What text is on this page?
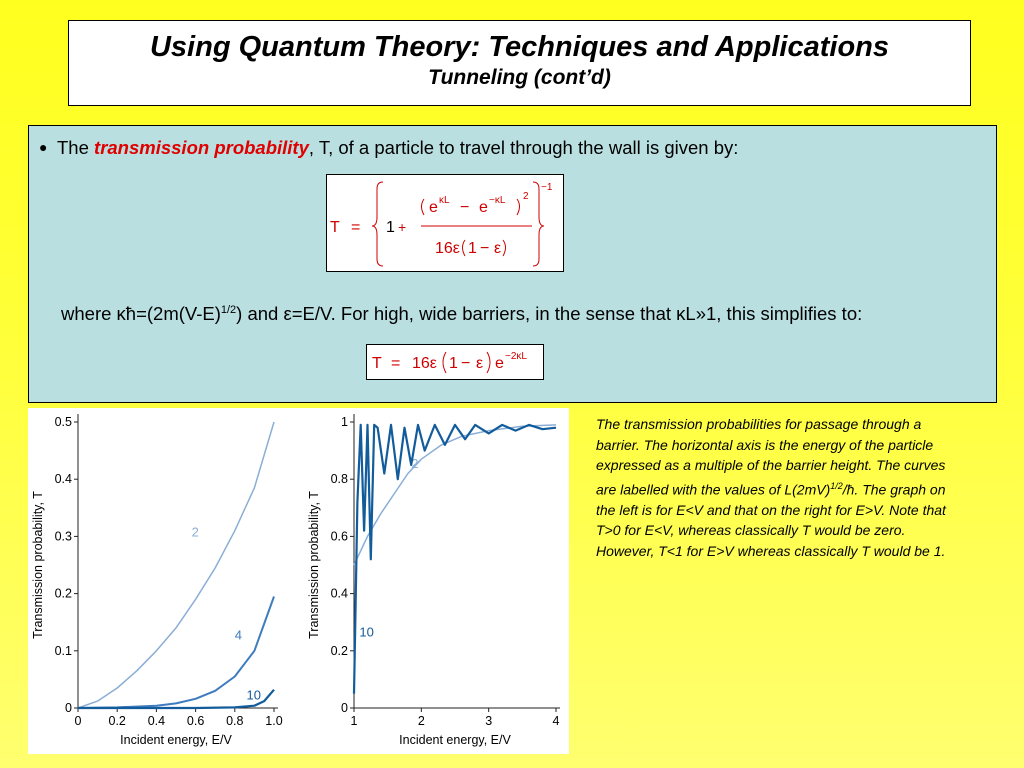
Using Quantum Theory: Techniques and Applications
Tunneling (cont’d)
● The transmission probability, T, of a particle to travel through the wall is given by:
T = 1 +
e κL − e −κL 2
16ε 1 − ε
−1
where $\kappa ħ=(2m(V-E)^{1/2})$ and ε=E/V. For high, wide barriers, in the sense that κL»1, this simplifies to:
T = 16ε 1 − ε e −2κL
0 0.2 0.4 0.6 0.8 1.0
0
0.1
0.2
0.3
0.4
0.5
Incident energy, E/V
Transmission probability, T	2
4
10
1	2	3	4
0
0.2
0.4
0.6
0.8
1
Incident energy, E/V
Transmission probability, T
2
10
The transmission probabilities for passage through a barrier. The horizontal axis is the energy of the particle expressed as a multiple of the barrier height. The curves are labelled with the values of $L(2mV)^{1/2}/ħ$. The graph on the left is for E<V and that on the right for E>V. Note that T>0 for E<V, whereas classically T would be zero. However, T<1 for E>V whereas classically T would be 1.
